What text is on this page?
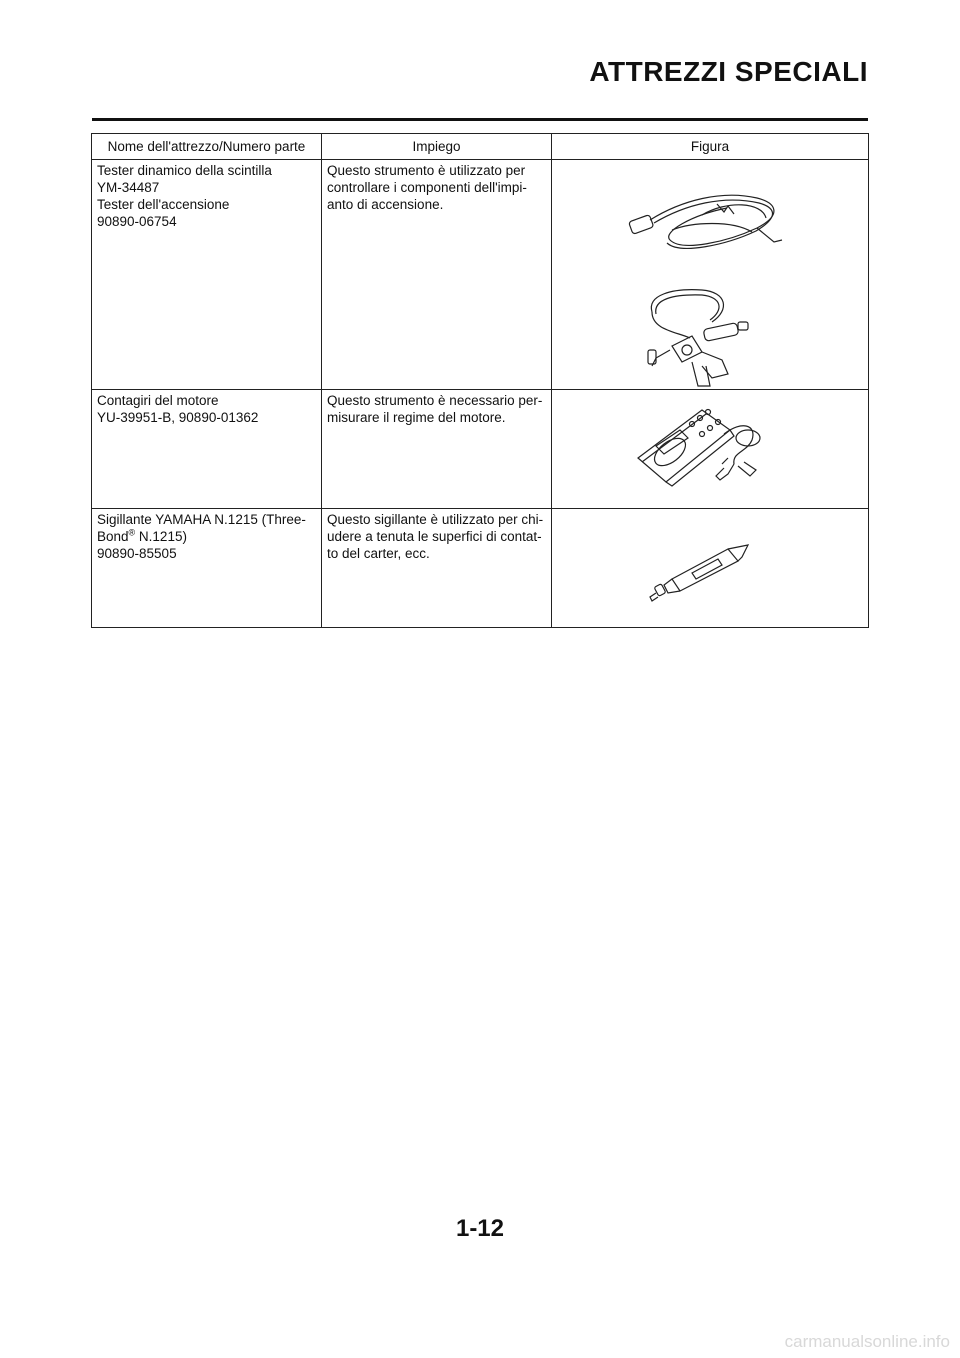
ATTREZZI SPECIALI
Nome dell'attrezzo/Numero parte	Impiego	Figura

Tester dinamico della scintilla
YM-34487
Tester dell'accensione
90890-06754	Questo strumento è utilizzato per
controllare i componenti dell'impi-
anto di accensione.

Contagiri del motore
YU-39951-B, 90890-01362	Questo strumento è necessario per-
misurare il regime del motore.

Sigillante YAMAHA N.1215 (Three-
Bond® N.1215)
90890-85505	Questo sigillante è utilizzato per chi-
udere a tenuta le superfici di contat-
to del carter, ecc.

1-12
carmanualsonline.info
